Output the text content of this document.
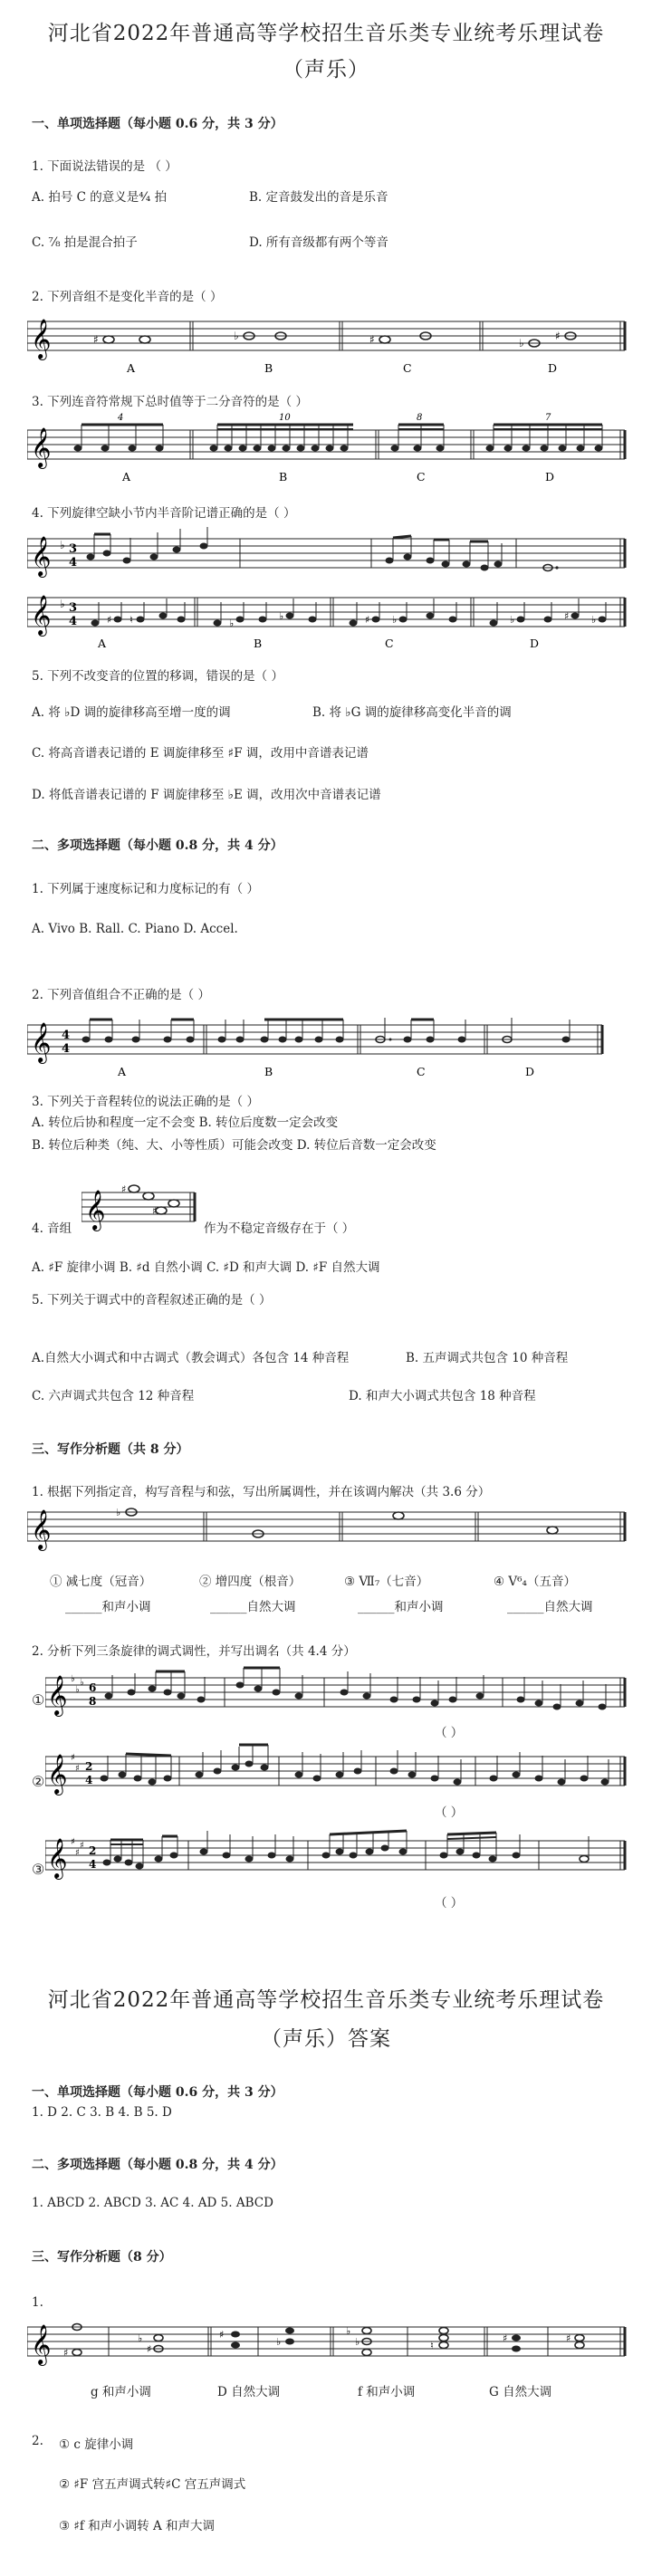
河北省2022年普通高等学校招生音乐类专业统考乐理试卷
（声乐）
一、单项选择题（每小题 0.6 分，共 3 分）
1. 下面说法错误的是 （ ）
A. 拍号 C 的意义是⁴⁄₄ 拍	B. 定音鼓发出的音是乐音
C. ⁷⁄₈ 拍是混合拍子	D. 所有音级都有两个等音
2. 下列音组不是变化半音的是（ ）
𝄞	♯	♭	♯	♭
♯
A	B	C	D
3. 下列连音符常规下总时值等于二分音符的是（ ）
𝄞
4	10	8	7
A	B	C	D
4. 下列旋律空缺小节内半音阶记谱正确的是（ ）
𝄞 ♭ 3
4
𝄞 ♭ 3
4	♯ ♮	♭
♭	♯ ♭	♭	♯ ♭
A	B	C	D
5. 下列不改变音的位置的移调，错误的是（ ）
A. 将 ♭D 调的旋律移高至增一度的调	B. 将 ♭G 调的旋律移高变化半音的调
C. 将高音谱表记谱的 E 调旋律移至 ♯F 调，改用中音谱表记谱
D. 将低音谱表记谱的 F 调旋律移至 ♭E 调，改用次中音谱表记谱
二、多项选择题（每小题 0.8 分，共 4 分）
1. 下列属于速度标记和力度标记的有（ ）
A. Vivo B. Rall. C. Piano D. Accel.
2. 下列音值组合不正确的是（ ）
𝄞 4
4
A	B	C	D
3. 下列关于音程转位的说法正确的是（ ）
A. 转位后协和程度一定不会变 B. 转位后度数一定会改变
B. 转位后种类（纯、大、小等性质）可能会改变 D. 转位后音数一定会改变
4. 音组 𝄞
♯
♯
作为不稳定音级存在于（ ）
A. ♯F 旋律小调 B. ♯d 自然小调 C. ♯D 和声大调 D. ♯F 自然大调
5. 下列关于调式中的音程叙述正确的是（ ）
A.自然大小调式和中古调式（教会调式）各包含 14 种音程	B. 五声调式共包含 10 种音程
C. 六声调式共包含 12 种音程	D. 和声大小调式共包含 18 种音程
三、写作分析题（共 8 分）
1. 根据下列指定音，构写音程与和弦，写出所属调性，并在该调内解决（共 3.6 分）
𝄞	♭
① 减七度（冠音）	② 增四度（根音）	③ Ⅶ₇（七音）	④ V⁶₄（五音）
______和声小调	______自然大调	______和声小调	______自然大调
2. 分析下列三条旋律的调式调性，并写出调名（共 4.4 分）
① 𝄞 ♭
♭
♭ 6
8
（ ）
② 𝄞 ♯
♯ 2
4
（ ）
③ 𝄞 ♯
♯
♯ 2
4
（ ）
河北省2022年普通高等学校招生音乐类专业统考乐理试卷
（声乐）答案
一、单项选择题（每小题 0.6 分，共 3 分）
1. D 2. C 3. B 4. B 5. D
二、多项选择题（每小题 0.8 分，共 4 分）
1. ABCD 2. ABCD 3. AC 4. AD 5. ABCD
三、写作分析题（8 分）
1.
𝄞 ♯
♭
♯
♯
♭
♭
♭	♮
♯	♯
g 和声小调	D 自然大调	f 和声小调	G 自然大调
2. ① c 旋律小调
② ♯F 宫五声调式转♯C 宫五声调式
③ ♯f 和声小调转 A 和声大调
